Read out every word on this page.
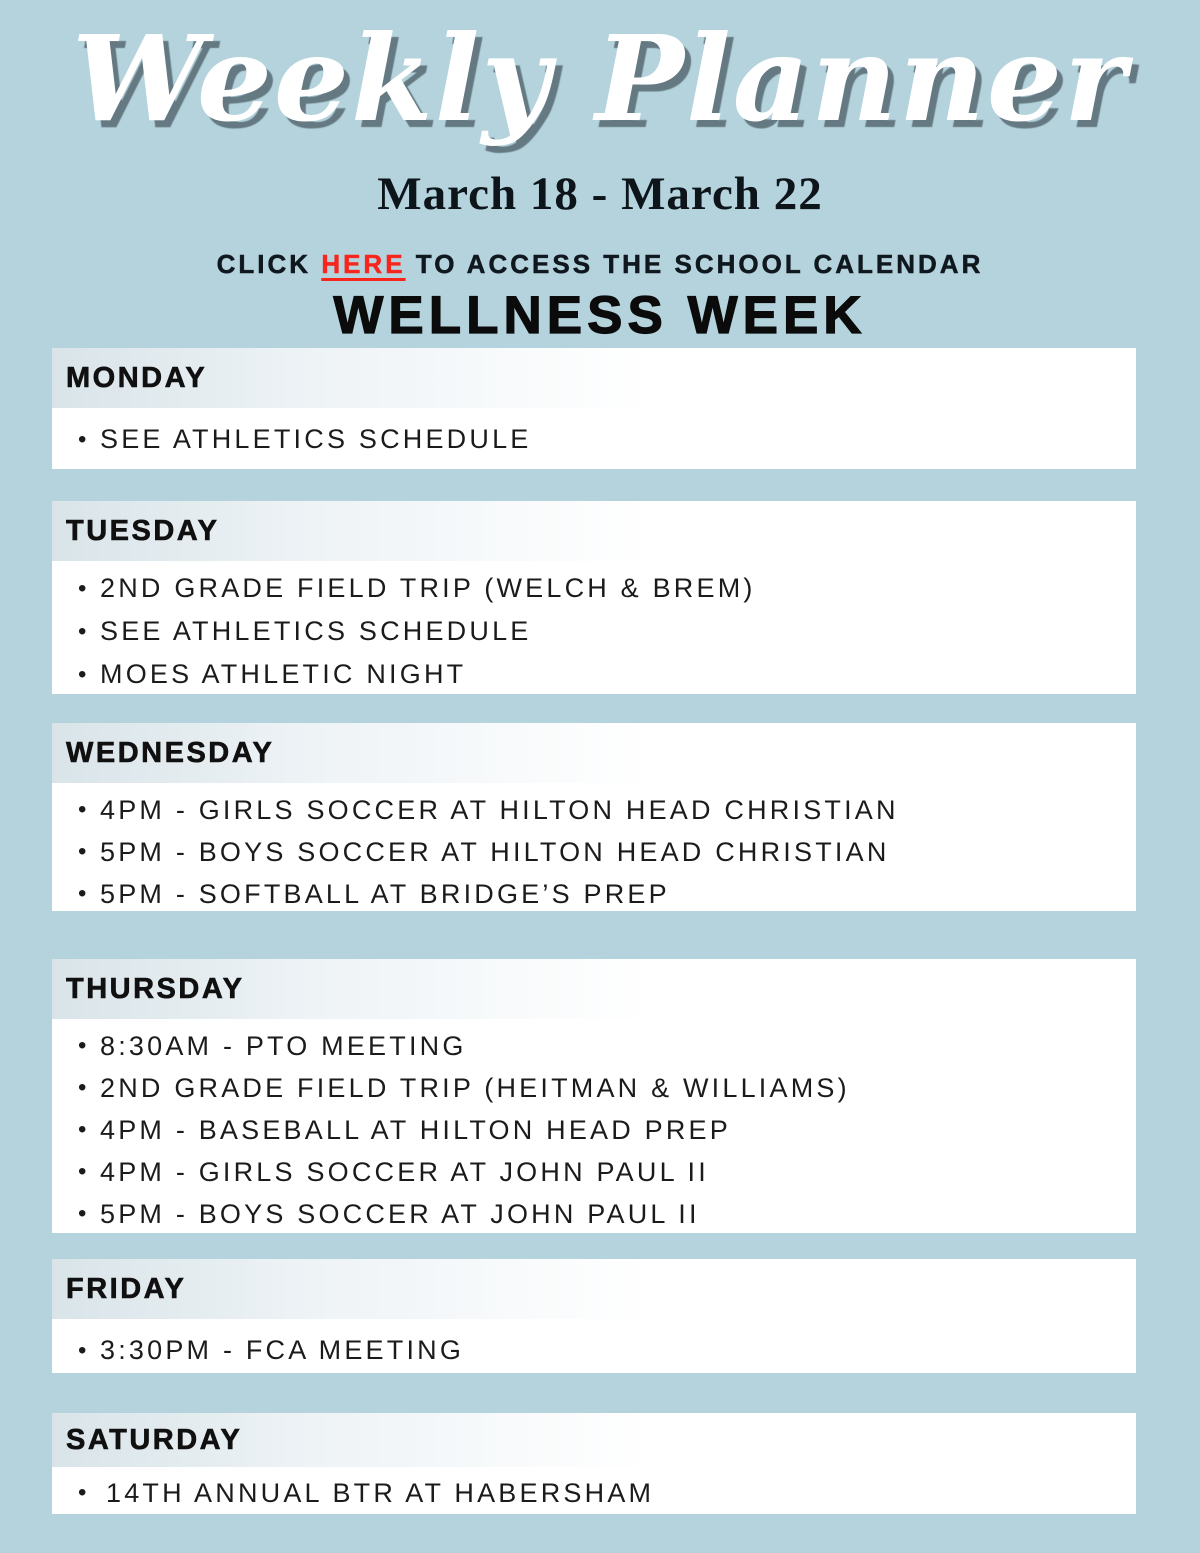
Weekly Planner
March 18 - March 22
CLICK HERE TO ACCESS THE SCHOOL CALENDAR
WELLNESS WEEK
MONDAY
• SEE ATHLETICS SCHEDULE
TUESDAY
• 2ND GRADE FIELD TRIP (WELCH & BREM)
• SEE ATHLETICS SCHEDULE
• MOES ATHLETIC NIGHT
WEDNESDAY
• 4PM - GIRLS SOCCER AT HILTON HEAD CHRISTIAN
• 5PM - BOYS SOCCER AT HILTON HEAD CHRISTIAN
• 5PM - SOFTBALL AT BRIDGE’S PREP
THURSDAY
• 8:30AM - PTO MEETING
• 2ND GRADE FIELD TRIP (HEITMAN & WILLIAMS)
• 4PM - BASEBALL AT HILTON HEAD PREP
• 4PM - GIRLS SOCCER AT JOHN PAUL II
• 5PM - BOYS SOCCER AT JOHN PAUL II
FRIDAY
• 3:30PM - FCA MEETING
SATURDAY
• 14TH ANNUAL BTR AT HABERSHAM
